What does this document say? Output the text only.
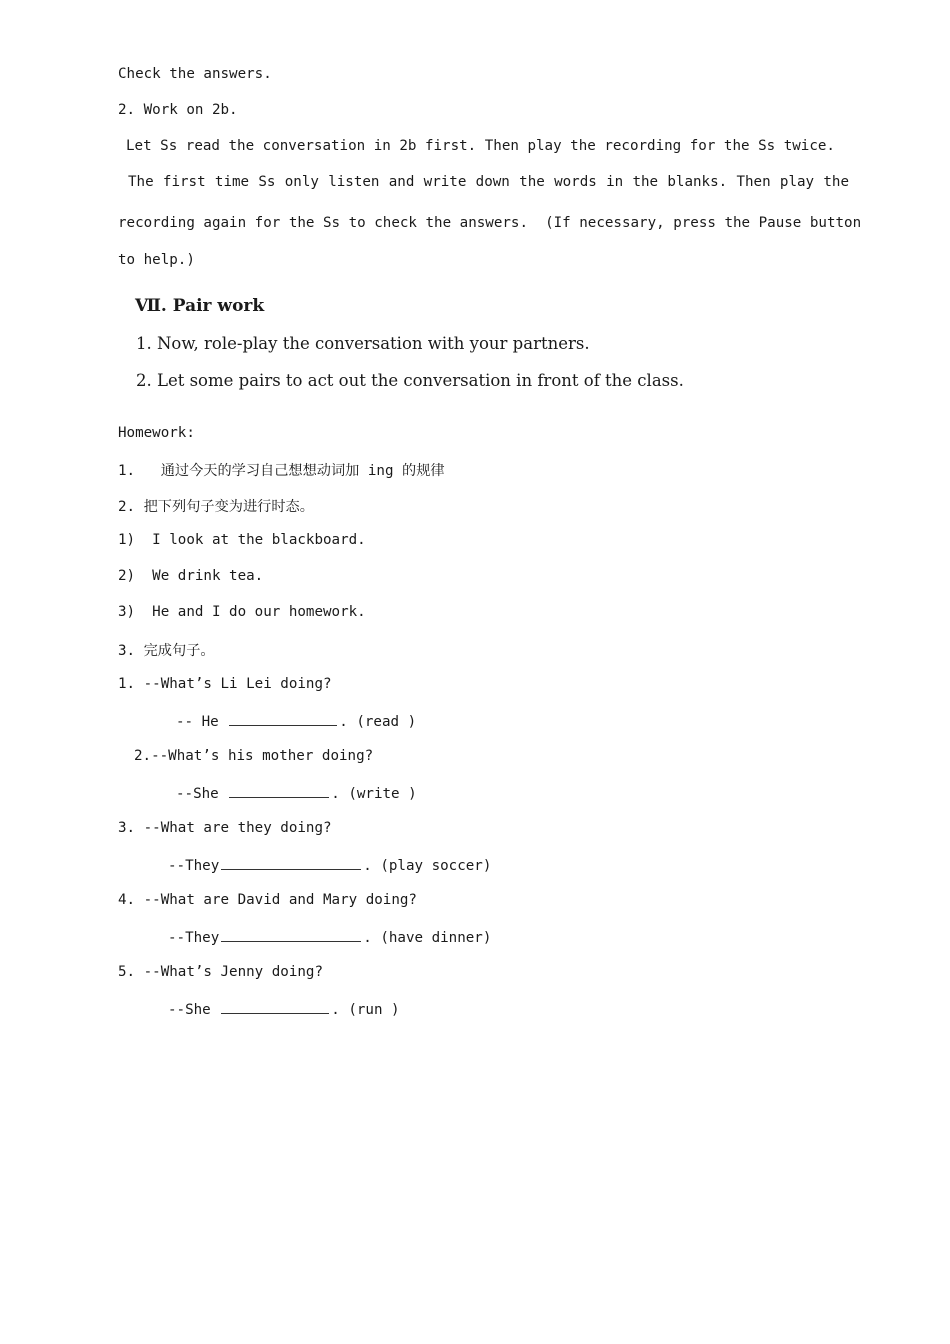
Check the answers.
2. Work on 2b.
Let Ss read the conversation in 2b first. Then play the recording for the Ss twice.
The first time Ss only listen and write down the words in the blanks. Then play the
recording again for the Ss to check the answers.  (If necessary, press the Pause button
to help.)
Ⅶ. Pair work
1. Now, role-play the conversation with your partners.
2. Let some pairs to act out the conversation in front of the class.
Homework:
1.   通过今天的学习自己想想动词加 ing 的规律
2. 把下列句子变为进行时态。
1)  I look at the blackboard.
2)  We drink tea.
3)  He and I do our homework.
3. 完成句子。
1. --What’s Li Lei doing?
-- He	. (read )
2.--What’s his mother doing?
--She	. (write )
3. --What are they doing?
--They	. (play soccer)
4. --What are David and Mary doing?
--They	. (have dinner)
5. --What’s Jenny doing?
--She	. (run )
